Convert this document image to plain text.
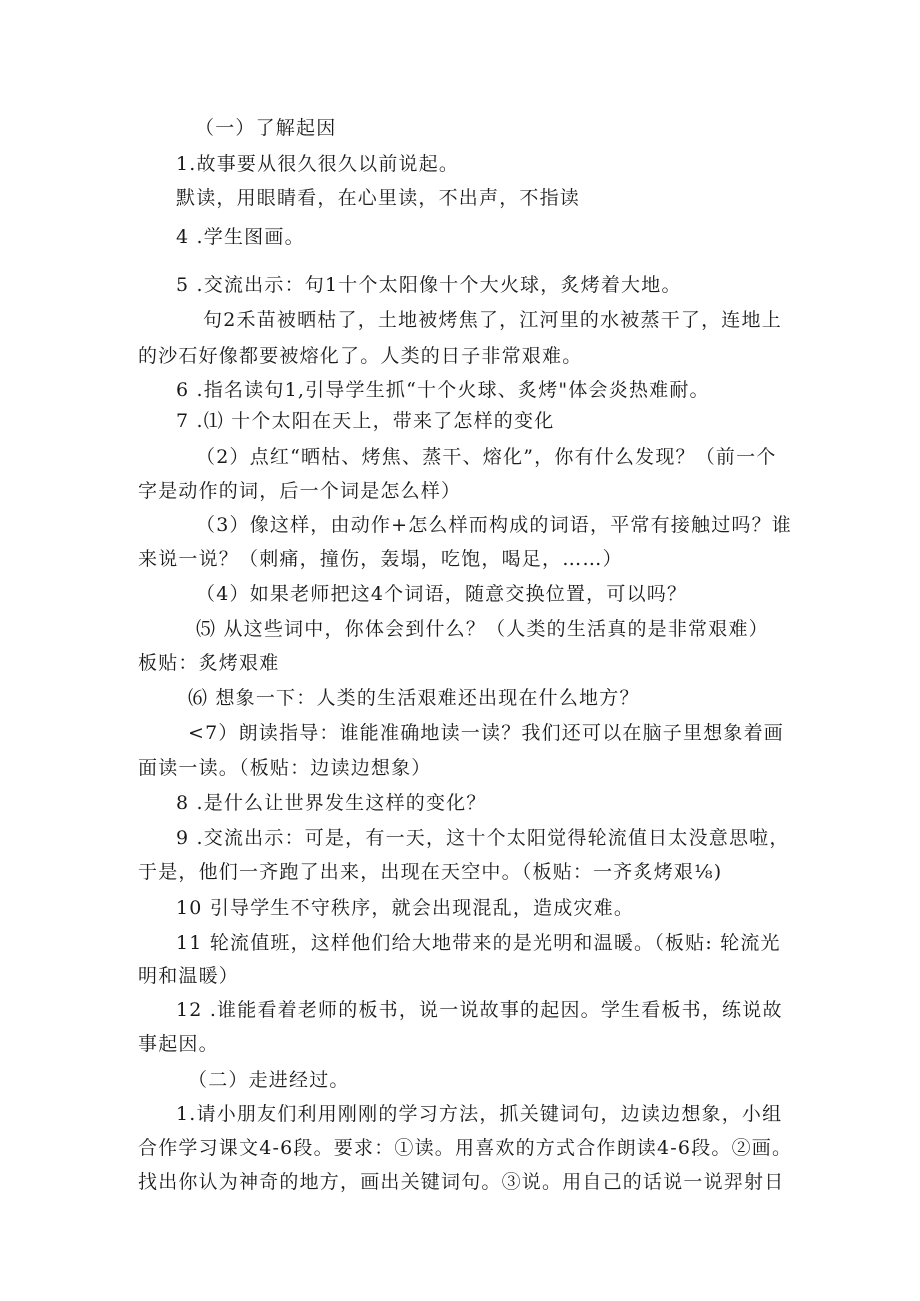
（一）了解起因
1.故事要从很久很久以前说起。
默读，用眼睛看，在心里读，不出声，不指读
4 .学生图画。
5 .交流出示：句1十个太阳像十个大火球，炙烤着大地。
句2禾苗被晒枯了，土地被烤焦了，江河里的水被蒸干了，连地上
的沙石好像都要被熔化了。人类的日子非常艰难。
6 .指名读句1,引导学生抓“十个火球、炙烤"体会炎热难耐。
7 .⑴ 十个太阳在天上，带来了怎样的变化
（2）点红“晒枯、烤焦、蒸干、熔化”，你有什么发现？（前一个
字是动作的词，后一个词是怎么样）
（3）像这样，由动作+怎么样而构成的词语，平常有接触过吗？谁
来说一说？（刺痛，撞伤，轰塌，吃饱，喝足，……）
（4）如果老师把这4个词语，随意交换位置，可以吗？
⑸ 从这些词中，你体会到什么？（人类的生活真的是非常艰难）
板贴：炙烤艰难
⑹ 想象一下：人类的生活艰难还出现在什么地方？
<7）朗读指导：谁能准确地读一读？我们还可以在脑子里想象着画
面读一读。（板贴：边读边想象）
8 .是什么让世界发生这样的变化？
9 .交流出示：可是，有一天，这十个太阳觉得轮流值日太没意思啦，
于是，他们一齐跑了出来，出现在天空中。（板贴：一齐炙烤艰⅛)
10 引导学生不守秩序，就会出现混乱，造成灾难。
11 轮流值班，这样他们给大地带来的是光明和温暖。（板贴: 轮流光
明和温暖）
12 .谁能看着老师的板书，说一说故事的起因。学生看板书，练说故
事起因。
（二）走进经过。
1.请小朋友们利用刚刚的学习方法，抓关键词句，边读边想象，小组
合作学习课文4-6段。要求：①读。用喜欢的方式合作朗读4-6段。②画。
找出你认为神奇的地方，画出关键词句。③说。用自己的话说一说羿射日
